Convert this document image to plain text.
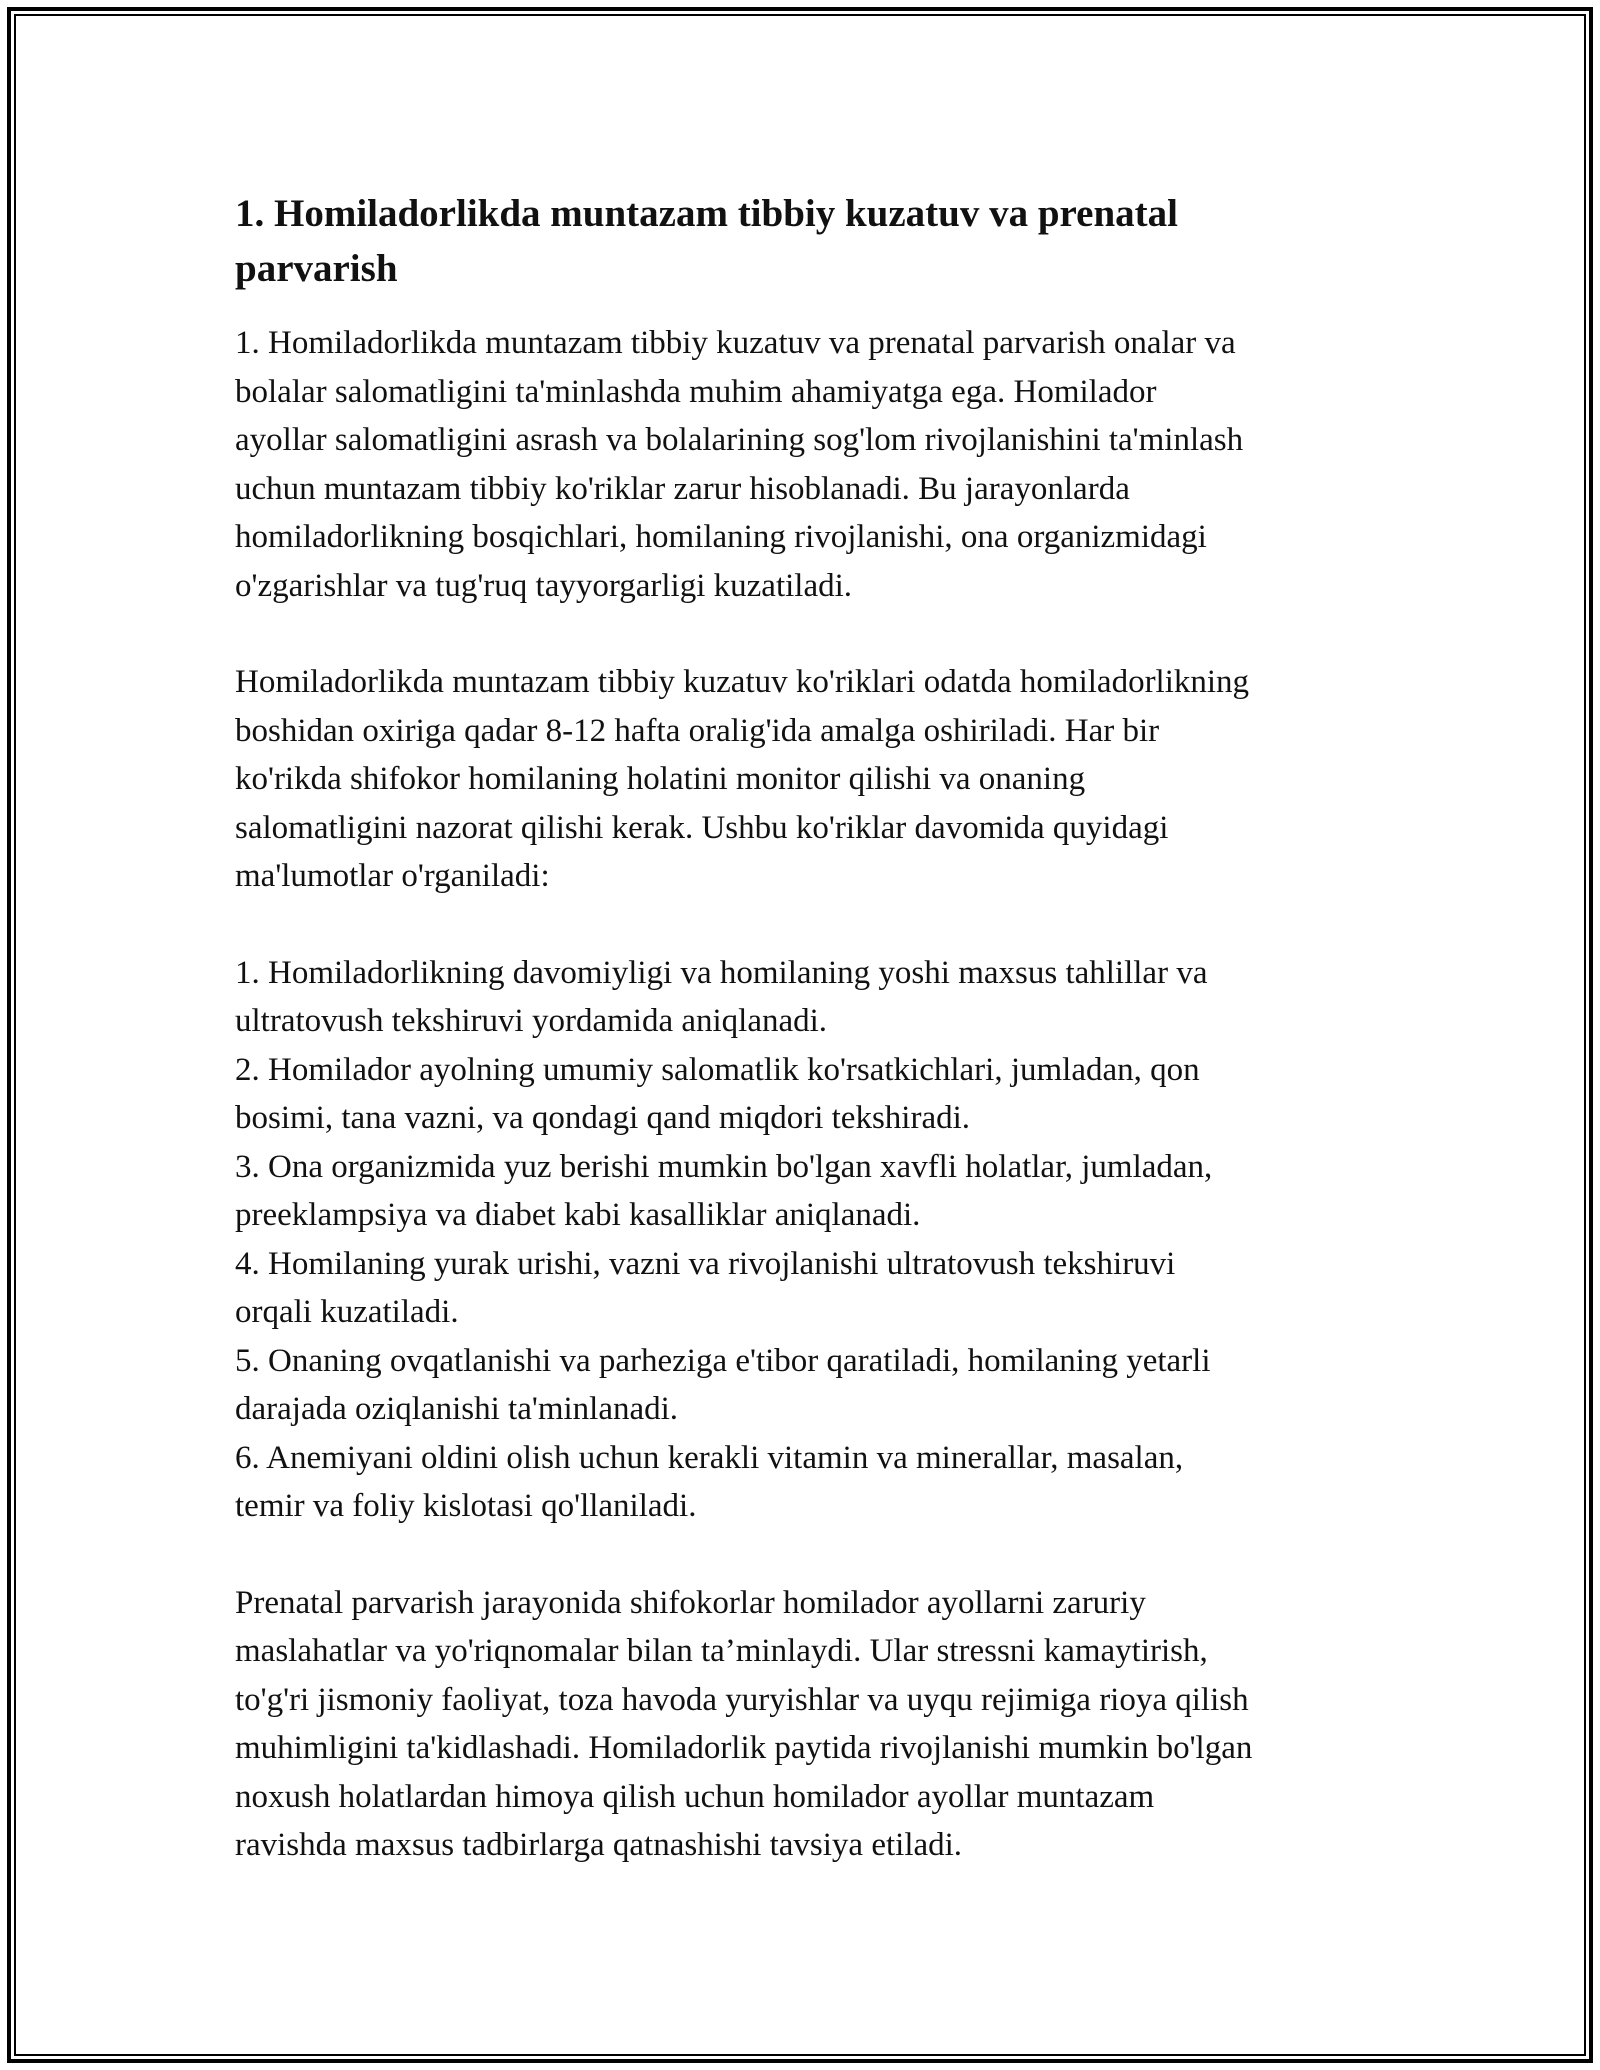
1. Homiladorlikda muntazam tibbiy kuzatuv va prenatal parvarish

1. Homiladorlikda muntazam tibbiy kuzatuv va prenatal parvarish onalar va
bolalar salomatligini ta'minlashda muhim ahamiyatga ega. Homilador
ayollar salomatligini asrash va bolalarining sog'lom rivojlanishini ta'minlash
uchun muntazam tibbiy ko'riklar zarur hisoblanadi. Bu jarayonlarda
homiladorlikning bosqichlari, homilaning rivojlanishi, ona organizmidagi
o'zgarishlar va tug'ruq tayyorgarligi kuzatiladi.

Homiladorlikda muntazam tibbiy kuzatuv ko'riklari odatda homiladorlikning
boshidan oxiriga qadar 8-12 hafta oralig'ida amalga oshiriladi. Har bir
ko'rikda shifokor homilaning holatini monitor qilishi va onaning
salomatligini nazorat qilishi kerak. Ushbu ko'riklar davomida quyidagi
ma'lumotlar o'rganiladi:

1. Homiladorlikning davomiyligi va homilaning yoshi maxsus tahlillar va
ultratovush tekshiruvi yordamida aniqlanadi.

2. Homilador ayolning umumiy salomatlik ko'rsatkichlari, jumladan, qon
bosimi, tana vazni, va qondagi qand miqdori tekshiradi.

3. Ona organizmida yuz berishi mumkin bo'lgan xavfli holatlar, jumladan,
preeklampsiya va diabet kabi kasalliklar aniqlanadi.

4. Homilaning yurak urishi, vazni va rivojlanishi ultratovush tekshiruvi
orqali kuzatiladi.

5. Onaning ovqatlanishi va parheziga e'tibor qaratiladi, homilaning yetarli
darajada oziqlanishi ta'minlanadi.

6. Anemiyani oldini olish uchun kerakli vitamin va minerallar, masalan,
temir va foliy kislotasi qo'llaniladi.

Prenatal parvarish jarayonida shifokorlar homilador ayollarni zaruriy
maslahatlar va yo'riqnomalar bilan ta’minlaydi. Ular stressni kamaytirish,
to'g'ri jismoniy faoliyat, toza havoda yuryishlar va uyqu rejimiga rioya qilish
muhimligini ta'kidlashadi. Homiladorlik paytida rivojlanishi mumkin bo'lgan
noxush holatlardan himoya qilish uchun homilador ayollar muntazam
ravishda maxsus tadbirlarga qatnashishi tavsiya etiladi.
